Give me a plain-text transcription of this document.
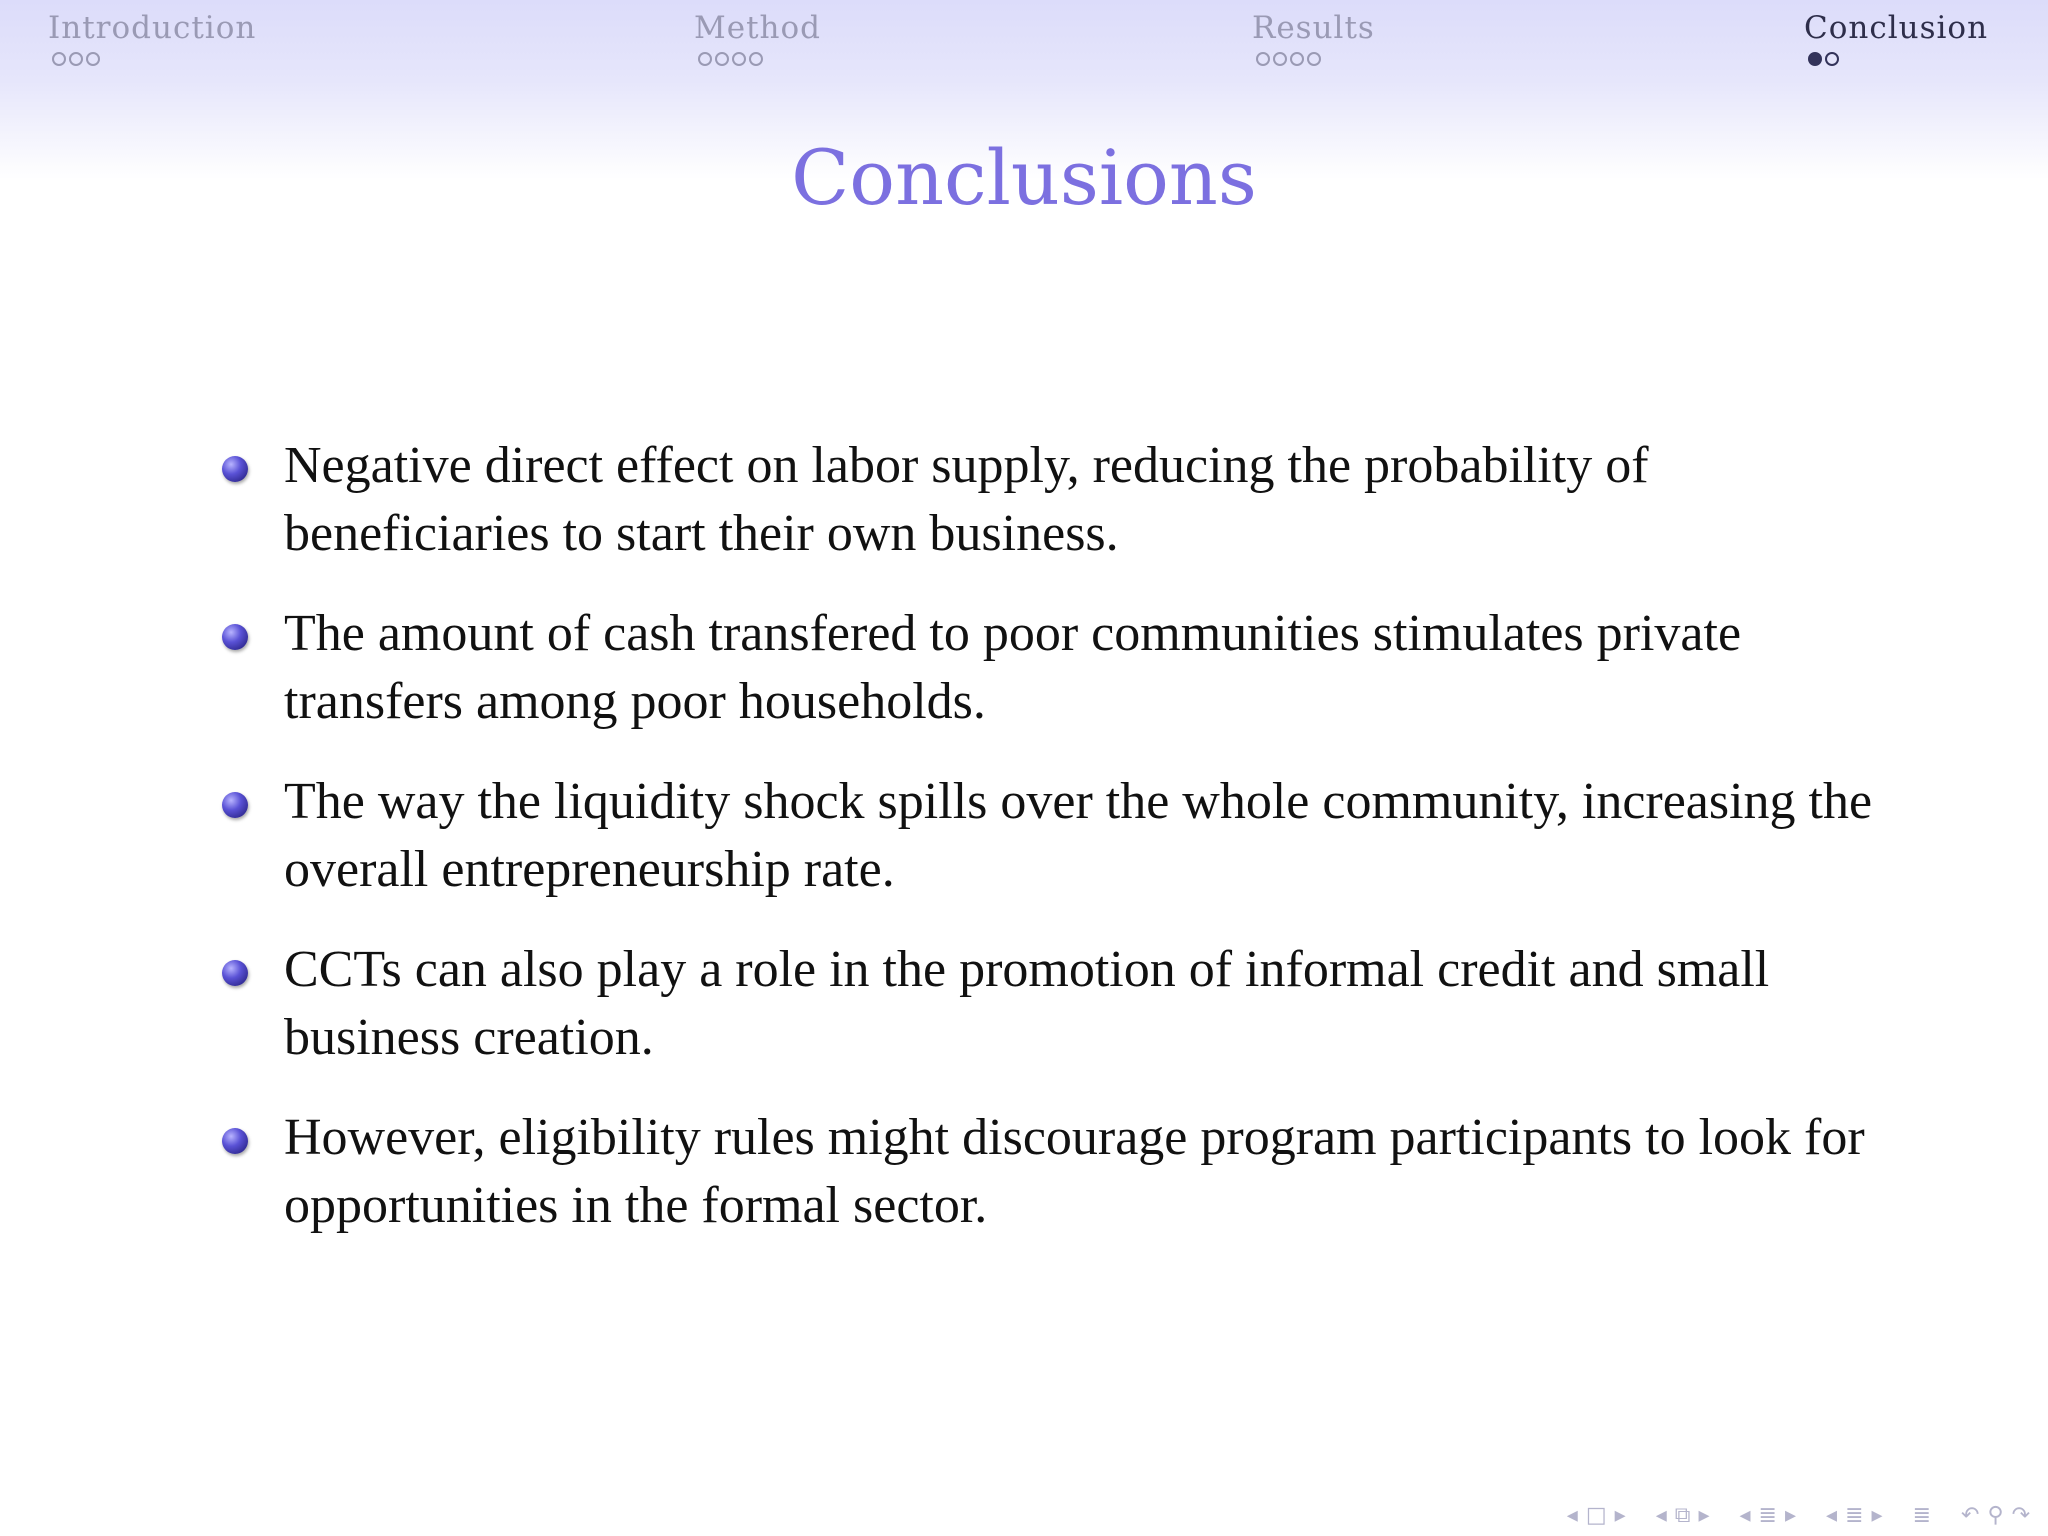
Introduction	Method	Results	Conclusion
Conclusions
Negative direct effect on labor supply, reducing the probability of beneficiaries to start their own business.
The amount of cash transfered to poor communities stimulates private transfers among poor households.
The way the liquidity shock spills over the whole community, increasing the overall entrepreneurship rate.
CCTs can also play a role in the promotion of informal credit and small business creation.
However, eligibility rules might discourage program participants to look for opportunities in the formal sector.
◂ □ ▸ ◂ ⧉ ▸ ◂ ≣ ▸ ◂ ≣ ▸ ≣ ↶ ⚲ ↷
